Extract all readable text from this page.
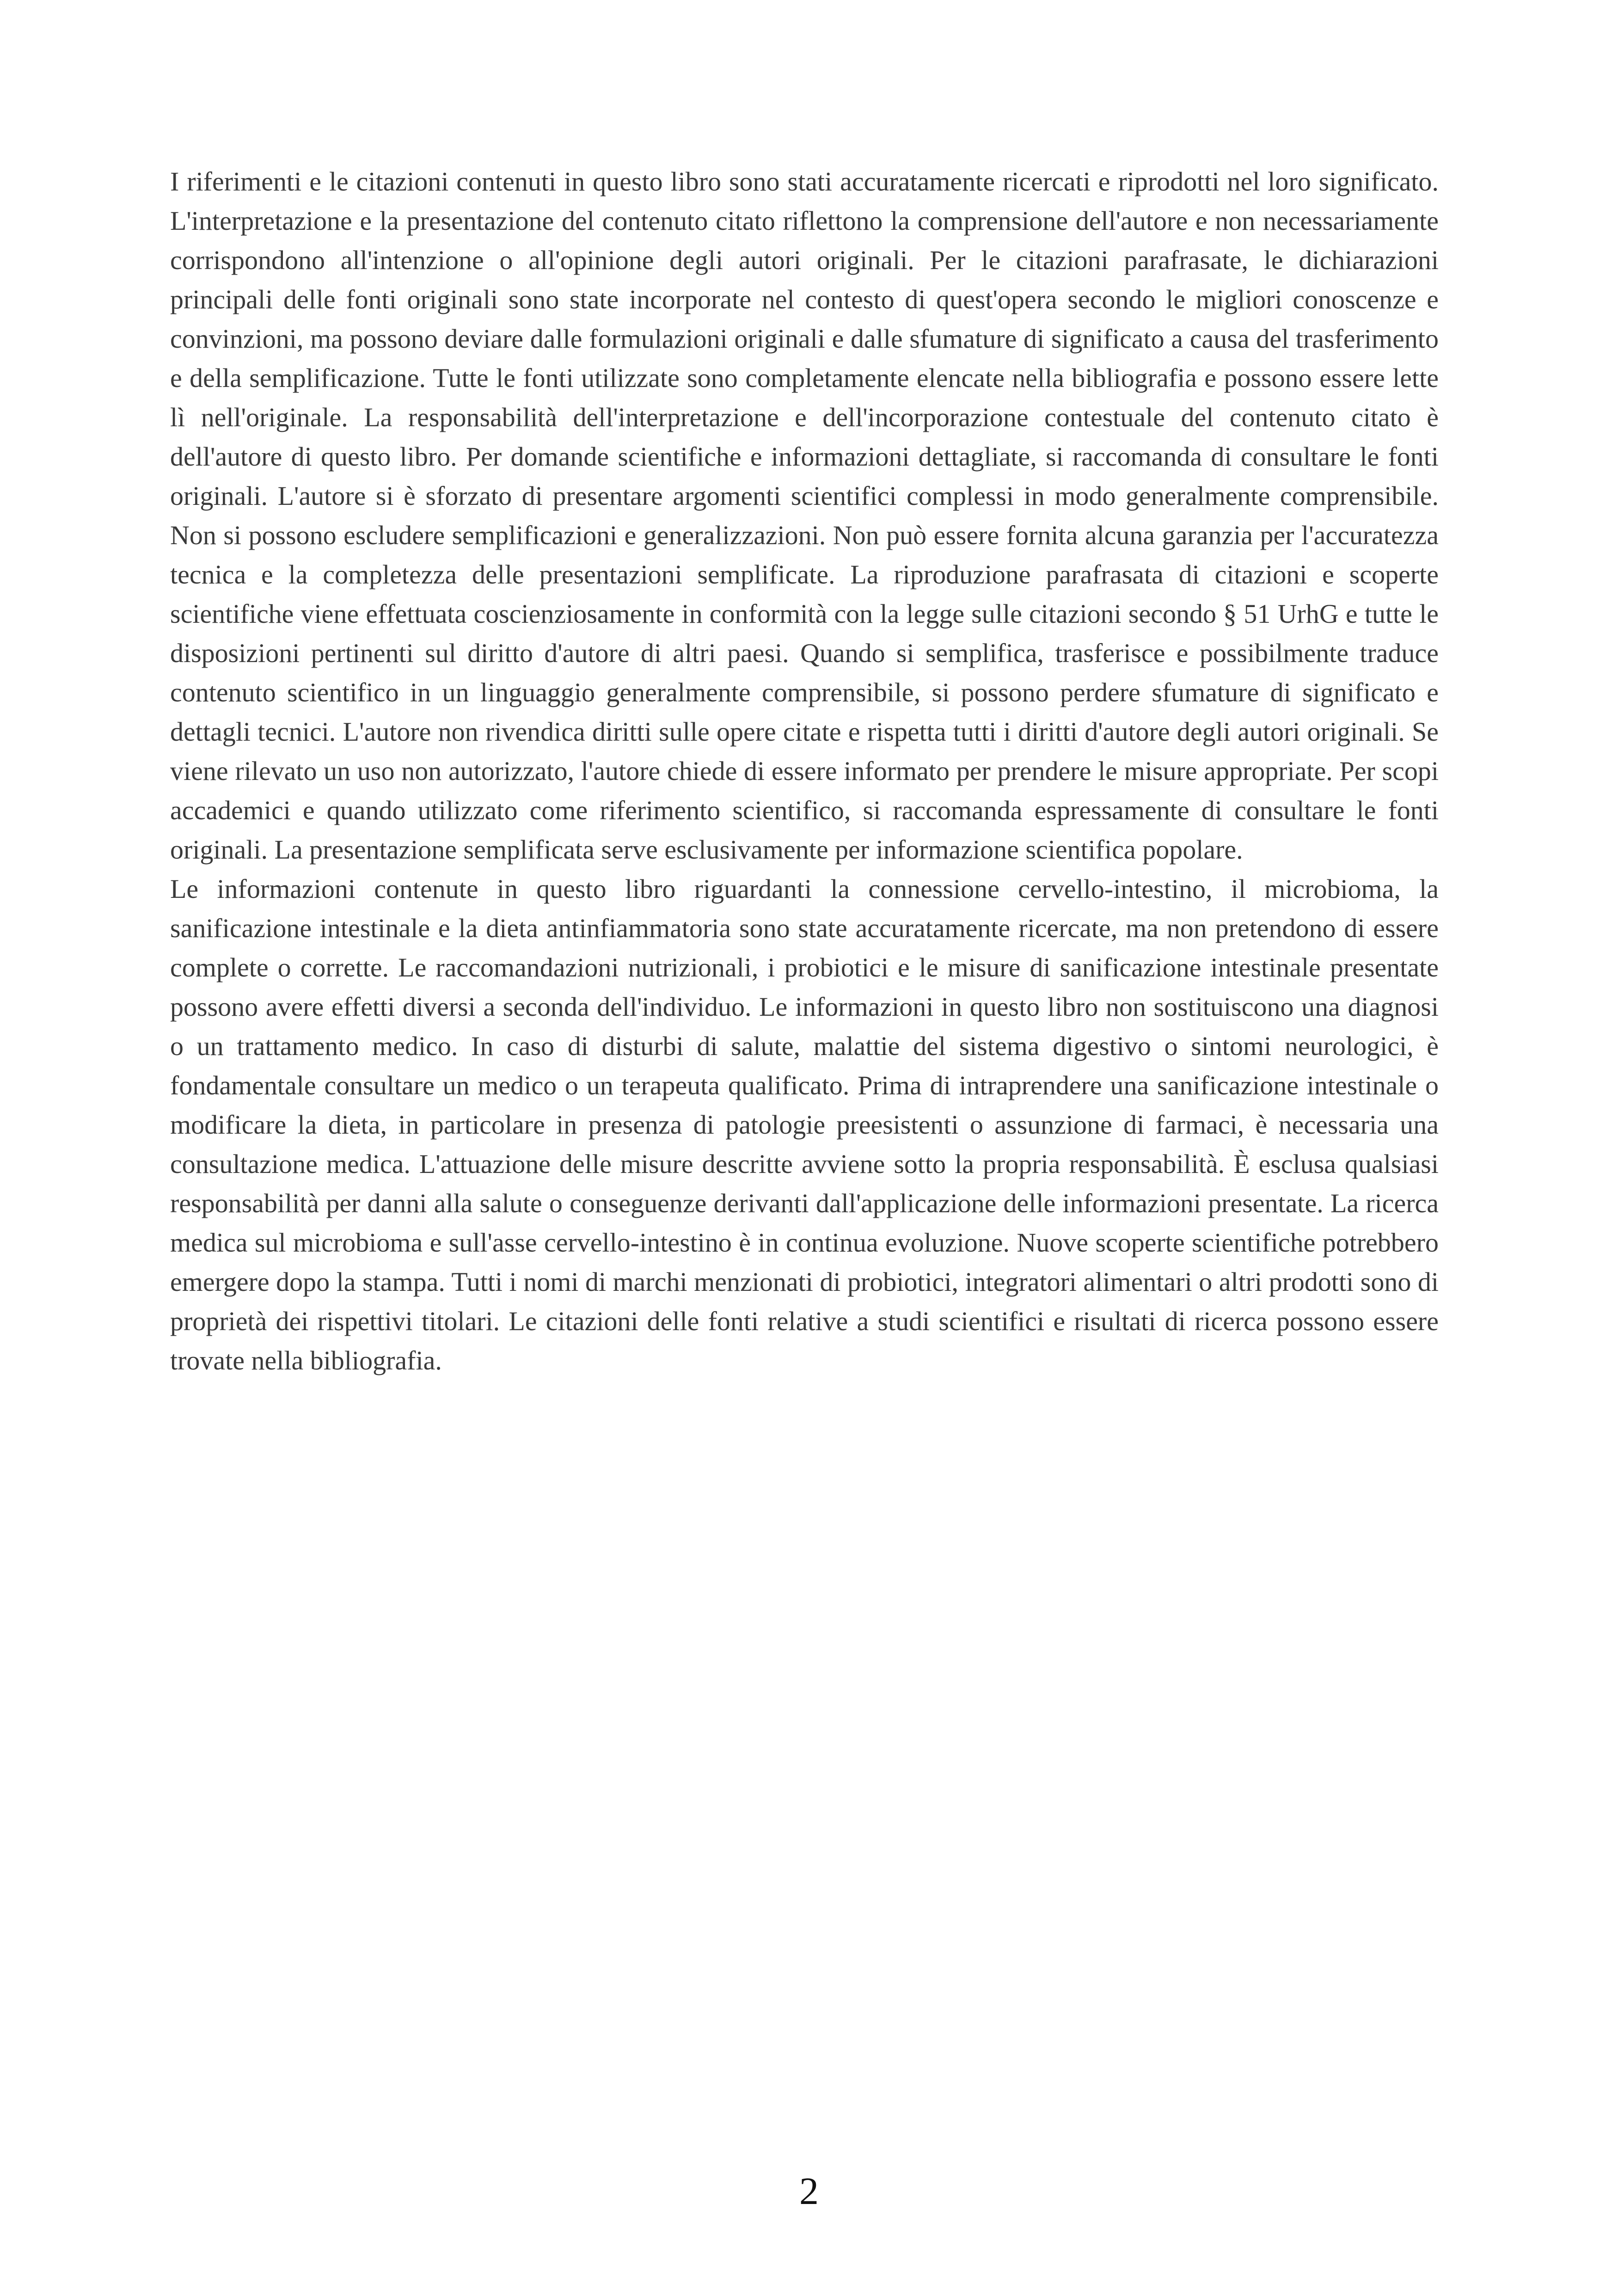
I riferimenti e le citazioni contenuti in questo libro sono stati accuratamente ricercati e riprodotti nel loro significato. L'interpretazione e la presentazione del contenuto citato riflettono la comprensione dell'autore e non necessariamente corrispondono all'intenzione o all'opinione degli autori originali. Per le citazioni parafrasate, le dichiarazioni principali delle fonti originali sono state incorporate nel contesto di quest'opera secondo le migliori conoscenze e convinzioni, ma possono deviare dalle formulazioni originali e dalle sfumature di significato a causa del trasferimento e della semplificazione. Tutte le fonti utilizzate sono completamente elencate nella bibliografia e possono essere lette lì nell'originale. La responsabilità dell'interpretazione e dell'incorporazione contestuale del contenuto citato è dell'autore di questo libro. Per domande scientifiche e informazioni dettagliate, si raccomanda di consultare le fonti originali. L'autore si è sforzato di presentare argomenti scientifici complessi in modo generalmente comprensibile. Non si possono escludere semplificazioni e generalizzazioni. Non può essere fornita alcuna garanzia per l'accuratezza tecnica e la completezza delle presentazioni semplificate. La riproduzione parafrasata di citazioni e scoperte scientifiche viene effettuata coscienziosamente in conformità con la legge sulle citazioni secondo § 51 UrhG e tutte le disposizioni pertinenti sul diritto d'autore di altri paesi. Quando si semplifica, trasferisce e possibilmente traduce contenuto scientifico in un linguaggio generalmente comprensibile, si possono perdere sfumature di significato e dettagli tecnici. L'autore non rivendica diritti sulle opere citate e rispetta tutti i diritti d'autore degli autori originali. Se viene rilevato un uso non autorizzato, l'autore chiede di essere informato per prendere le misure appropriate. Per scopi accademici e quando utilizzato come riferimento scientifico, si raccomanda espressamente di consultare le fonti originali. La presentazione semplificata serve esclusivamente per informazione scientifica popolare.

Le informazioni contenute in questo libro riguardanti la connessione cervello-intestino, il microbioma, la sanificazione intestinale e la dieta antinfiammatoria sono state accuratamente ricercate, ma non pretendono di essere complete o corrette. Le raccomandazioni nutrizionali, i probiotici e le misure di sanificazione intestinale presentate possono avere effetti diversi a seconda dell'individuo. Le informazioni in questo libro non sostituiscono una diagnosi o un trattamento medico. In caso di disturbi di salute, malattie del sistema digestivo o sintomi neurologici, è fondamentale consultare un medico o un terapeuta qualificato. Prima di intraprendere una sanificazione intestinale o modificare la dieta, in particolare in presenza di patologie preesistenti o assunzione di farmaci, è necessaria una consultazione medica. L'attuazione delle misure descritte avviene sotto la propria responsabilità. È esclusa qualsiasi responsabilità per danni alla salute o conseguenze derivanti dall'applicazione delle informazioni presentate. La ricerca medica sul microbioma e sull'asse cervello-intestino è in continua evoluzione. Nuove scoperte scientifiche potrebbero emergere dopo la stampa. Tutti i nomi di marchi menzionati di probiotici, integratori alimentari o altri prodotti sono di proprietà dei rispettivi titolari. Le citazioni delle fonti relative a studi scientifici e risultati di ricerca possono essere trovate nella bibliografia.

2
